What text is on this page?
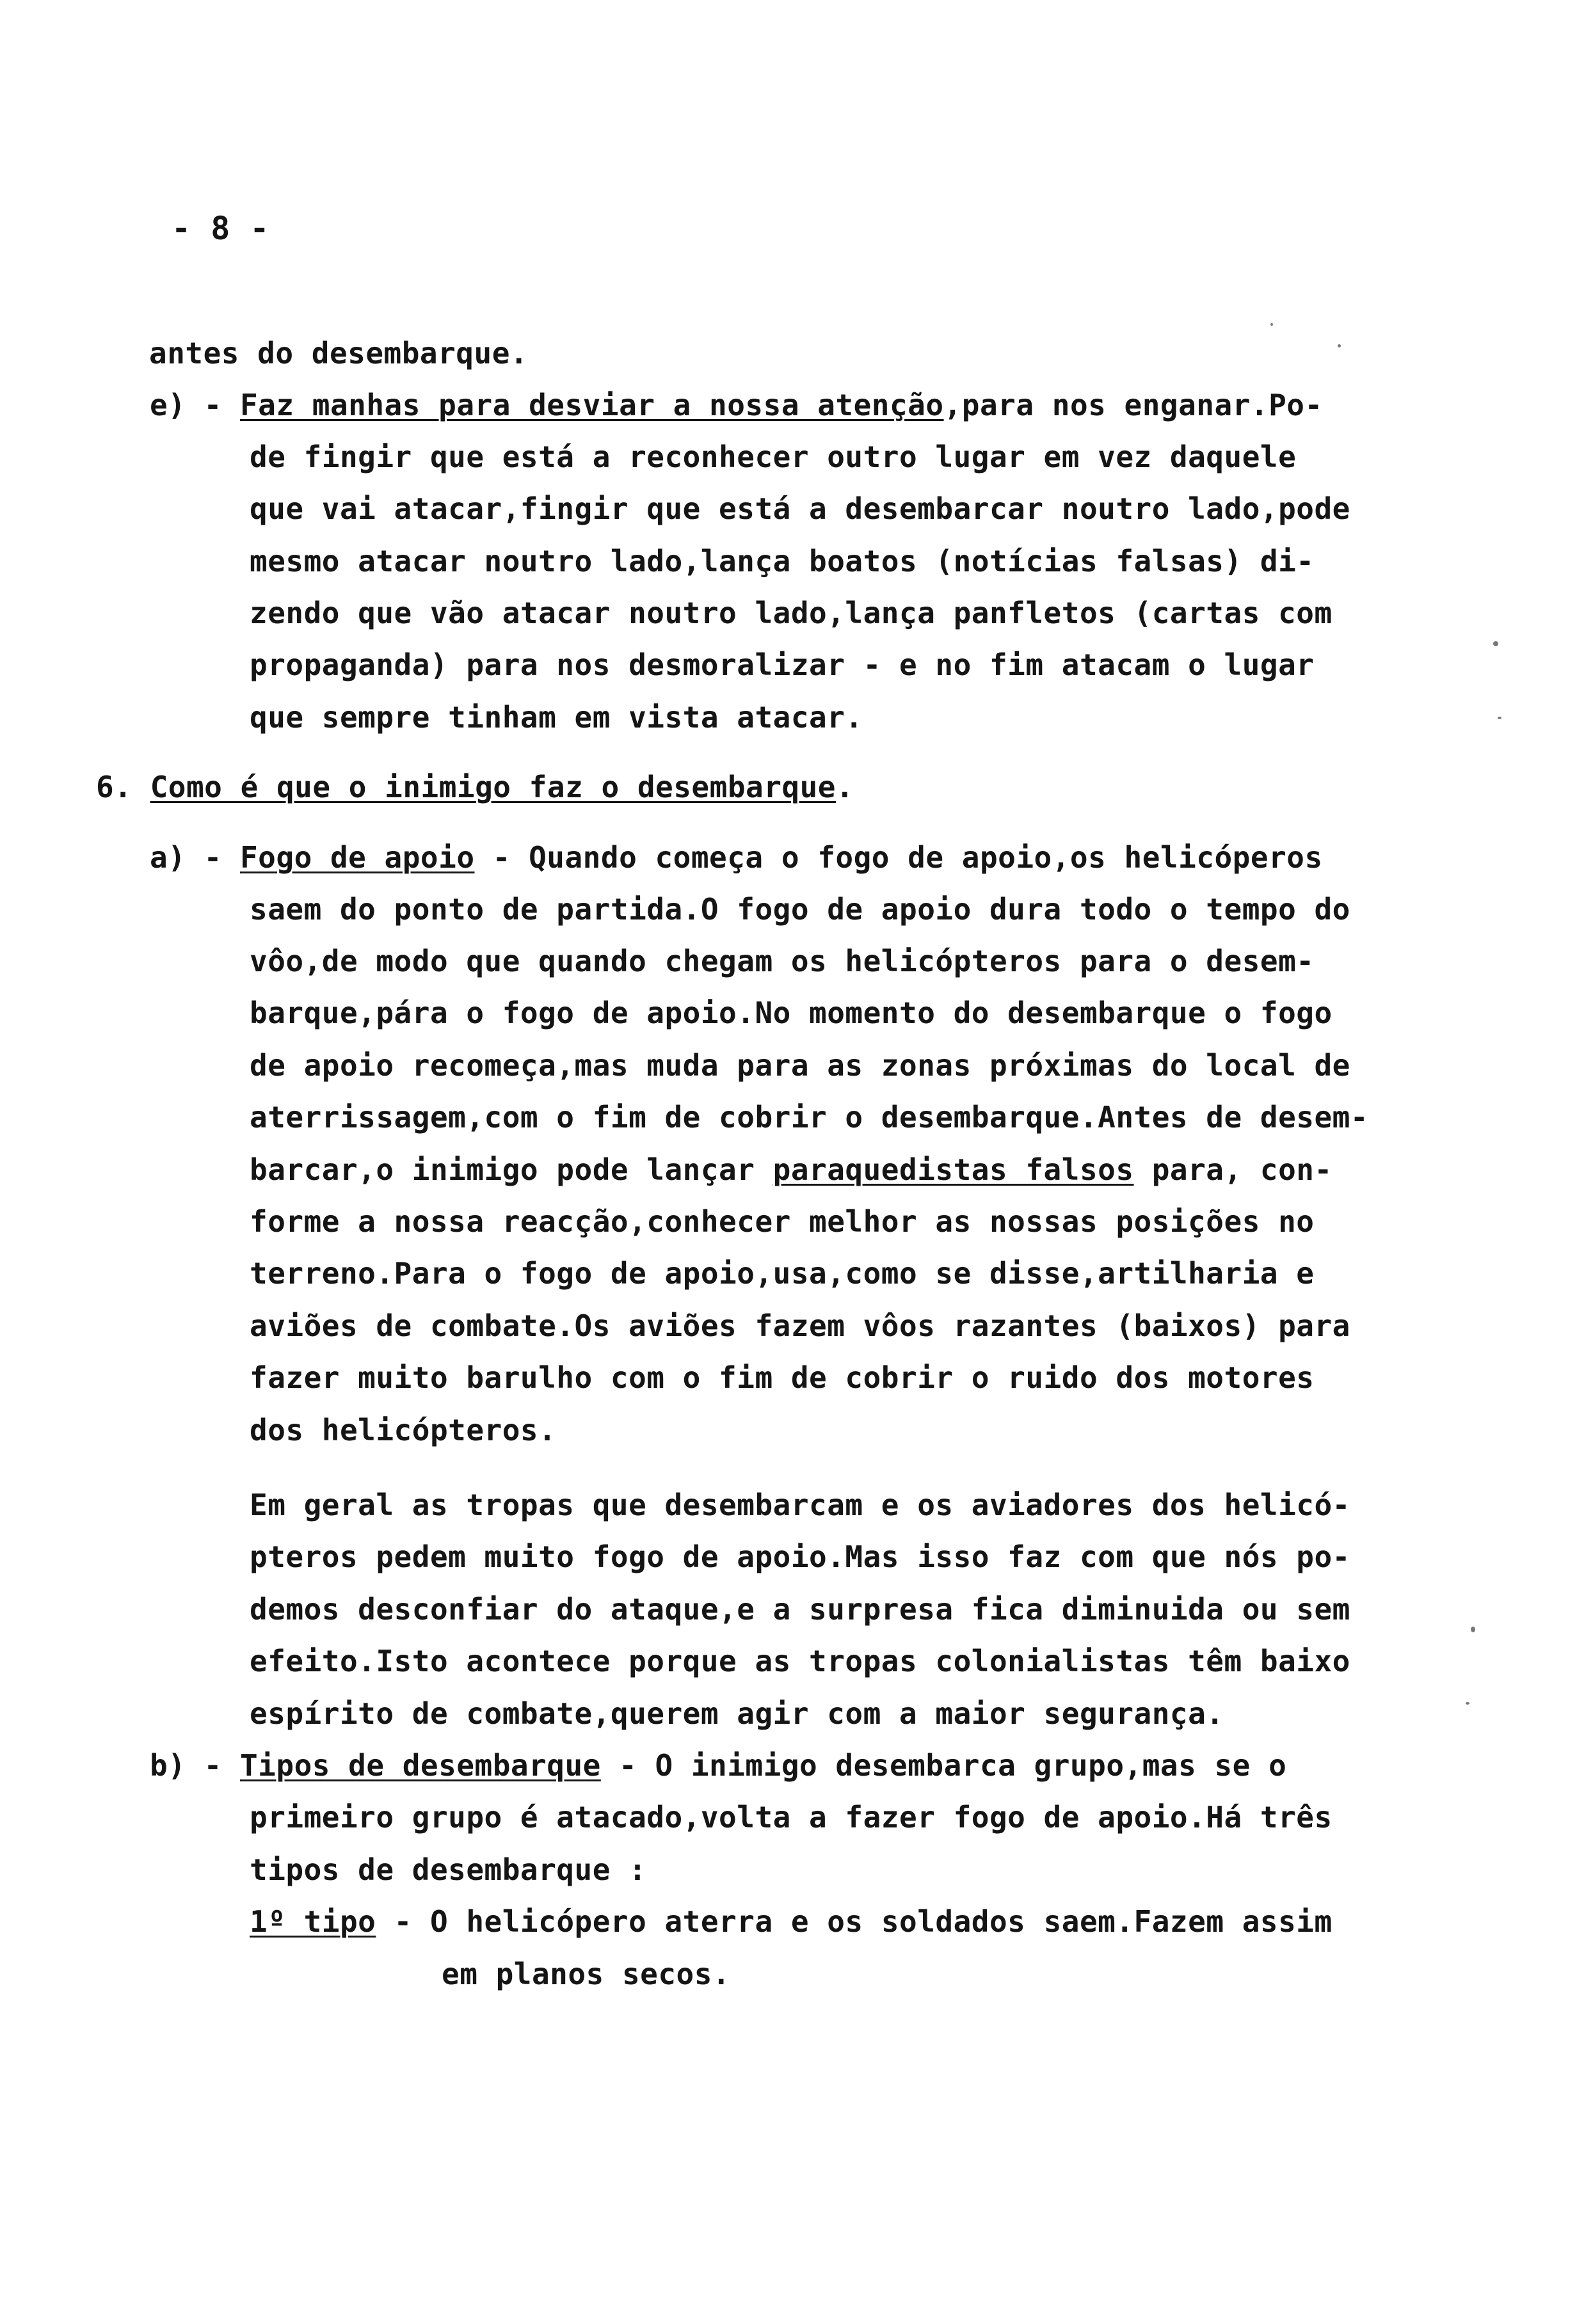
- 8 -
antes do desembarque.
e) - Faz manhas para desviar a nossa atenção,para nos enganar.Po-
de fingir que está a reconhecer outro lugar em vez daquele
que vai atacar,fingir que está a desembarcar noutro lado,pode
mesmo atacar noutro lado,lança boatos (notícias falsas) di-
zendo que vão atacar noutro lado,lança panfletos (cartas com
propaganda) para nos desmoralizar - e no fim atacam o lugar
que sempre tinham em vista atacar.
6. Como é que o inimigo faz o desembarque.
a) - Fogo de apoio - Quando começa o fogo de apoio,os helicóperos
saem do ponto de partida.O fogo de apoio dura todo o tempo do
vôo,de modo que quando chegam os helicópteros para o desem-
barque,pára o fogo de apoio.No momento do desembarque o fogo
de apoio recomeça,mas muda para as zonas próximas do local de
aterrissagem,com o fim de cobrir o desembarque.Antes de desem-
barcar,o inimigo pode lançar paraquedistas falsos para, con-
forme a nossa reacção,conhecer melhor as nossas posições no
terreno.Para o fogo de apoio,usa,como se disse,artilharia e
aviões de combate.Os aviões fazem vôos razantes (baixos) para
fazer muito barulho com o fim de cobrir o ruido dos motores
dos helicópteros.
Em geral as tropas que desembarcam e os aviadores dos helicó-
pteros pedem muito fogo de apoio.Mas isso faz com que nós po-
demos desconfiar do ataque,e a surpresa fica diminuida ou sem
efeito.Isto acontece porque as tropas colonialistas têm baixo
espírito de combate,querem agir com a maior segurança.
b) - Tipos de desembarque - O inimigo desembarca grupo,mas se o
primeiro grupo é atacado,volta a fazer fogo de apoio.Há três
tipos de desembarque :
1º tipo - O helicópero aterra e os soldados saem.Fazem assim
em planos secos.
